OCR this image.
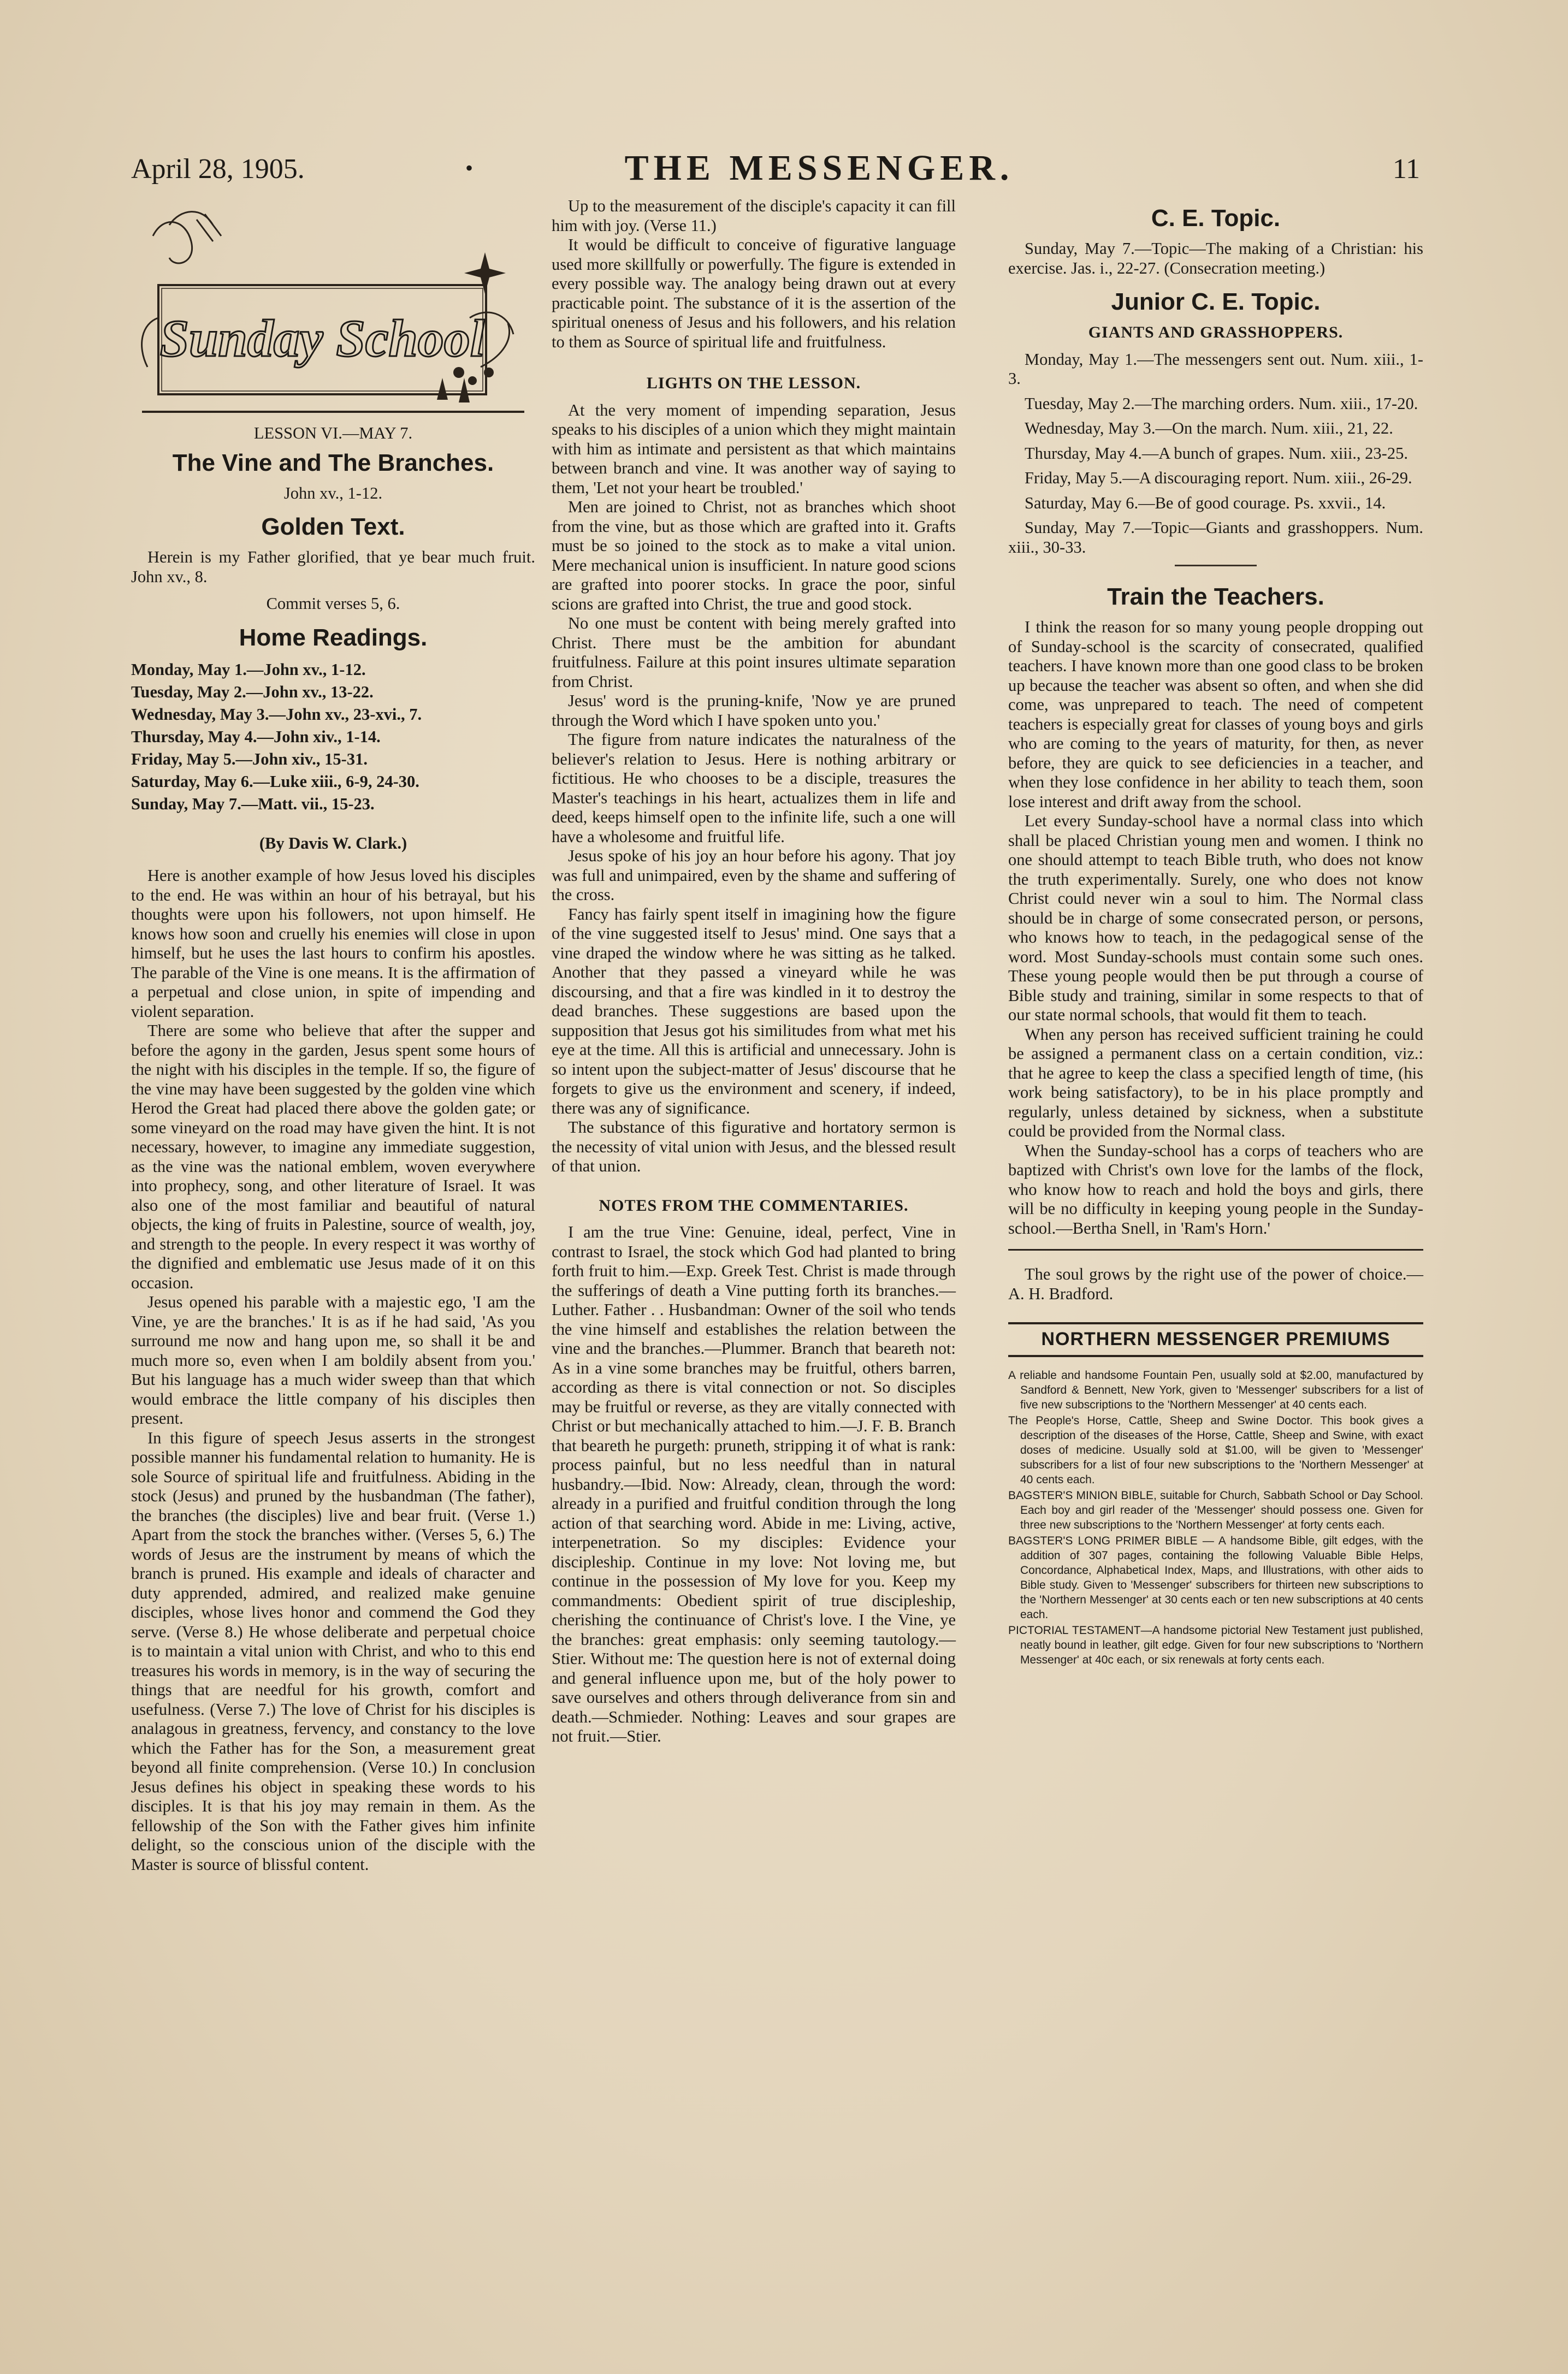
April 28, 1905.	•	THE MESSENGER.	11
Sunday School
LESSON VI.—MAY 7.
The Vine and The Branches.
John xv., 1-12.
Golden Text.

Herein is my Father glorified, that ye bear much fruit. John xv., 8.

Commit verses 5, 6.
Home Readings.
Monday, May 1.—John xv., 1-12.
Tuesday, May 2.—John xv., 13-22.
Wednesday, May 3.—John xv., 23-xvi., 7.
Thursday, May 4.—John xiv., 1-14.
Friday, May 5.—John xiv., 15-31.
Saturday, May 6.—Luke xiii., 6-9, 24-30.
Sunday, May 7.—Matt. vii., 15-23.
(By Davis W. Clark.)

Here is another example of how Jesus loved his disciples to the end. He was within an hour of his betrayal, but his thoughts were upon his followers, not upon himself. He knows how soon and cruelly his enemies will close in upon himself, but he uses the last hours to confirm his apostles. The parable of the Vine is one means. It is the affirmation of a perpetual and close union, in spite of impending and violent separation.

There are some who believe that after the supper and before the agony in the garden, Jesus spent some hours of the night with his disciples in the temple. If so, the figure of the vine may have been suggested by the golden vine which Herod the Great had placed there above the golden gate; or some vineyard on the road may have given the hint. It is not necessary, however, to imagine any immediate suggestion, as the vine was the national emblem, woven everywhere into prophecy, song, and other literature of Israel. It was also one of the most familiar and beautiful of natural objects, the king of fruits in Palestine, source of wealth, joy, and strength to the people. In every respect it was worthy of the dignified and emblematic use Jesus made of it on this occasion.

Jesus opened his parable with a majestic ego, 'I am the Vine, ye are the branches.' It is as if he had said, 'As you surround me now and hang upon me, so shall it be and much more so, even when I am boldily absent from you.' But his language has a much wider sweep than that which would embrace the little company of his disciples then present.

In this figure of speech Jesus asserts in the strongest possible manner his fundamental relation to humanity. He is sole Source of spiritual life and fruitfulness. Abiding in the stock (Jesus) and pruned by the husbandman (The father), the branches (the disciples) live and bear fruit. (Verse 1.) Apart from the stock the branches wither. (Verses 5, 6.) The words of Jesus are the instrument by means of which the branch is pruned. His example and ideals of character and duty apprended, admired, and realized make genuine disciples, whose lives honor and commend the God they serve. (Verse 8.) He whose deliberate and perpetual choice is to maintain a vital union with Christ, and who to this end treasures his words in memory, is in the way of securing the things that are needful for his growth, comfort and usefulness. (Verse 7.) The love of Christ for his disciples is analagous in greatness, fervency, and constancy to the love which the Father has for the Son, a measurement great beyond all finite comprehension. (Verse 10.) In conclusion Jesus defines his object in speaking these words to his disciples. It is that his joy may remain in them. As the fellowship of the Son with the Father gives him infinite delight, so the conscious union of the disciple with the Master is source of blissful content.

Up to the measurement of the disciple's capacity it can fill him with joy. (Verse 11.)

It would be difficult to conceive of figurative language used more skillfully or powerfully. The figure is extended in every possible way. The analogy being drawn out at every practicable point. The substance of it is the assertion of the spiritual oneness of Jesus and his followers, and his relation to them as Source of spiritual life and fruitfulness.

LIGHTS ON THE LESSON.

At the very moment of impending separation, Jesus speaks to his disciples of a union which they might maintain with him as intimate and persistent as that which maintains between branch and vine. It was another way of saying to them, 'Let not your heart be troubled.'

Men are joined to Christ, not as branches which shoot from the vine, but as those which are grafted into it. Grafts must be so joined to the stock as to make a vital union. Mere mechanical union is insufficient. In nature good scions are grafted into poorer stocks. In grace the poor, sinful scions are grafted into Christ, the true and good stock.

No one must be content with being merely grafted into Christ. There must be the ambition for abundant fruitfulness. Failure at this point insures ultimate separation from Christ.

Jesus' word is the pruning-knife, 'Now ye are pruned through the Word which I have spoken unto you.'

The figure from nature indicates the naturalness of the believer's relation to Jesus. Here is nothing arbitrary or fictitious. He who chooses to be a disciple, treasures the Master's teachings in his heart, actualizes them in life and deed, keeps himself open to the infinite life, such a one will have a wholesome and fruitful life.

Jesus spoke of his joy an hour before his agony. That joy was full and unimpaired, even by the shame and suffering of the cross.

Fancy has fairly spent itself in imagining how the figure of the vine suggested itself to Jesus' mind. One says that a vine draped the window where he was sitting as he talked. Another that they passed a vineyard while he was discoursing, and that a fire was kindled in it to destroy the dead branches. These suggestions are based upon the supposition that Jesus got his similitudes from what met his eye at the time. All this is artificial and unnecessary. John is so intent upon the subject-matter of Jesus' discourse that he forgets to give us the environment and scenery, if indeed, there was any of significance.

The substance of this figurative and hortatory sermon is the necessity of vital union with Jesus, and the blessed result of that union.

NOTES FROM THE COMMENTARIES.

I am the true Vine: Genuine, ideal, perfect, Vine in contrast to Israel, the stock which God had planted to bring forth fruit to him.—Exp. Greek Test. Christ is made through the sufferings of death a Vine putting forth its branches.—Luther. Father . . Husbandman: Owner of the soil who tends the vine himself and establishes the relation between the vine and the branches.—Plummer. Branch that beareth not: As in a vine some branches may be fruitful, others barren, according as there is vital connection or not. So disciples may be fruitful or reverse, as they are vitally connected with Christ or but mechanically attached to him.—J. F. B. Branch that beareth he purgeth: pruneth, stripping it of what is rank: process painful, but no less needful than in natural husbandry.—Ibid. Now: Already, clean, through the word: already in a purified and fruitful condition through the long action of that searching word. Abide in me: Living, active, interpenetration. So my disciples: Evidence your discipleship. Continue in my love: Not loving me, but continue in the possession of My love for you. Keep my commandments: Obedient spirit of true discipleship, cherishing the continuance of Christ's love. I the Vine, ye the branches: great emphasis: only seeming tautology.—Stier. Without me: The question here is not of external doing and general influence upon me, but of the holy power to save ourselves and others through deliverance from sin and death.—Schmieder. Nothing: Leaves and sour grapes are not fruit.—Stier.

C. E. Topic.

Sunday, May 7.—Topic—The making of a Christian: his exercise. Jas. i., 22-27. (Consecration meeting.)

Junior C. E. Topic.
GIANTS AND GRASSHOPPERS.

Monday, May 1.—The messengers sent out. Num. xiii., 1-3.

Tuesday, May 2.—The marching orders. Num. xiii., 17-20.

Wednesday, May 3.—On the march. Num. xiii., 21, 22.

Thursday, May 4.—A bunch of grapes. Num. xiii., 23-25.

Friday, May 5.—A discouraging report. Num. xiii., 26-29.

Saturday, May 6.—Be of good courage. Ps. xxvii., 14.

Sunday, May 7.—Topic—Giants and grasshoppers. Num. xiii., 30-33.

Train the Teachers.

I think the reason for so many young people dropping out of Sunday-school is the scarcity of consecrated, qualified teachers. I have known more than one good class to be broken up because the teacher was absent so often, and when she did come, was unprepared to teach. The need of competent teachers is especially great for classes of young boys and girls who are coming to the years of maturity, for then, as never before, they are quick to see deficiencies in a teacher, and when they lose confidence in her ability to teach them, soon lose interest and drift away from the school.

Let every Sunday-school have a normal class into which shall be placed Christian young men and women. I think no one should attempt to teach Bible truth, who does not know the truth experimentally. Surely, one who does not know Christ could never win a soul to him. The Normal class should be in charge of some consecrated person, or persons, who knows how to teach, in the pedagogical sense of the word. Most Sunday-schools must contain some such ones. These young people would then be put through a course of Bible study and training, similar in some respects to that of our state normal schools, that would fit them to teach.

When any person has received sufficient training he could be assigned a permanent class on a certain condition, viz.: that he agree to keep the class a specified length of time, (his work being satisfactory), to be in his place promptly and regularly, unless detained by sickness, when a substitute could be provided from the Normal class.

When the Sunday-school has a corps of teachers who are baptized with Christ's own love for the lambs of the flock, who know how to reach and hold the boys and girls, there will be no difficulty in keeping young people in the Sunday-school.—Bertha Snell, in 'Ram's Horn.'

The soul grows by the right use of the power of choice.—A. H. Bradford.

NORTHERN MESSENGER PREMIUMS

A reliable and handsome Fountain Pen, usually sold at $2.00, manufactured by Sandford & Bennett, New York, given to 'Messenger' subscribers for a list of five new subscriptions to the 'Northern Messenger' at 40 cents each.

The People's Horse, Cattle, Sheep and Swine Doctor. This book gives a description of the diseases of the Horse, Cattle, Sheep and Swine, with exact doses of medicine. Usually sold at $1.00, will be given to 'Messenger' subscribers for a list of four new subscriptions to the 'Northern Messenger' at 40 cents each.

BAGSTER'S MINION BIBLE, suitable for Church, Sabbath School or Day School. Each boy and girl reader of the 'Messenger' should possess one. Given for three new subscriptions to the 'Northern Messenger' at forty cents each.

BAGSTER'S LONG PRIMER BIBLE — A handsome Bible, gilt edges, with the addition of 307 pages, containing the following Valuable Bible Helps, Concordance, Alphabetical Index, Maps, and Illustrations, with other aids to Bible study. Given to 'Messenger' subscribers for thirteen new subscriptions to the 'Northern Messenger' at 30 cents each or ten new subscriptions at 40 cents each.

PICTORIAL TESTAMENT—A handsome pictorial New Testament just published, neatly bound in leather, gilt edge. Given for four new subscriptions to 'Northern Messenger' at 40c each, or six renewals at forty cents each.
